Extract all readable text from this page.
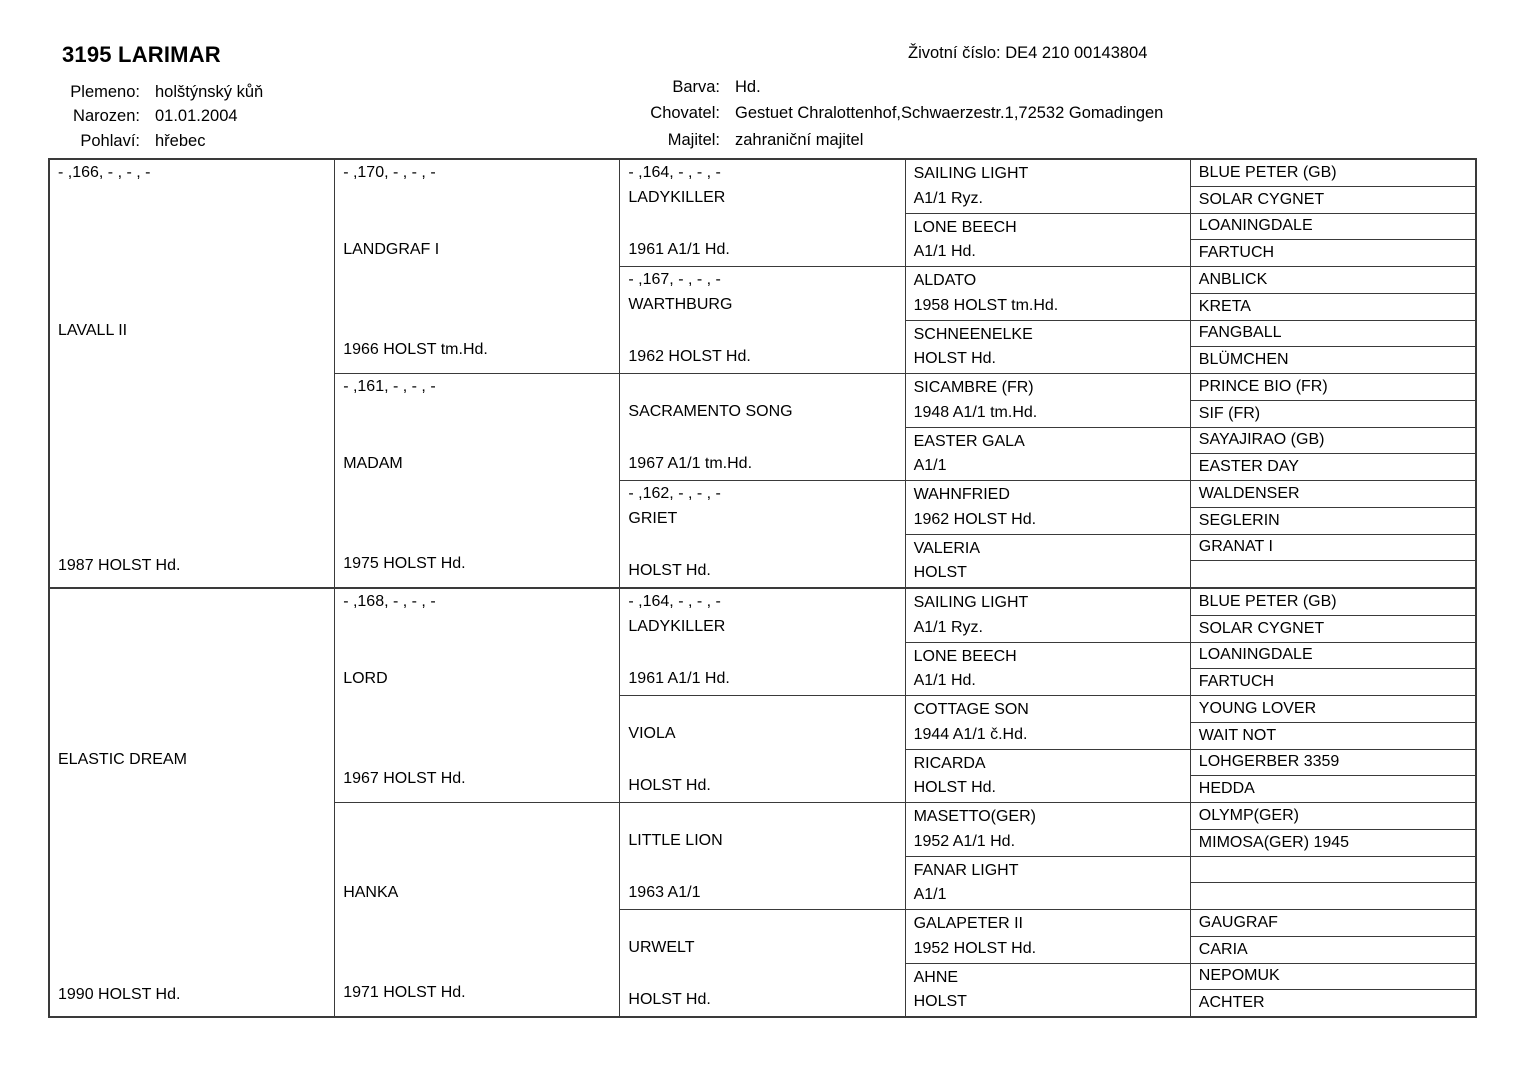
3195 LARIMAR
Plemeno: holštýnský kůň
Narozen: 01.01.2004
Pohlaví: hřebec
Životní číslo: DE4 210 00143804
Barva: Hd.
Chovatel: Gestuet Chralottenhof,Schwaerzestr.1,72532 Gomadingen
Majitel: zahraniční majitel
- ,166, - , - , -
LAVALL II
1987 HOLST Hd.
- ,170, - , - , -
LANDGRAF I
1966 HOLST tm.Hd.
- ,161, - , - , -
MADAM
1975 HOLST Hd.
- ,164, - , - , -
LADYKILLER
1961 A1/1 Hd.
- ,167, - , - , -
WARTHBURG
1962 HOLST Hd.
SACRAMENTO SONG
1967 A1/1 tm.Hd.
- ,162, - , - , -
GRIET
HOLST Hd.
SAILING LIGHT
A1/1 Ryz.
LONE BEECH
A1/1 Hd.
ALDATO
1958 HOLST tm.Hd.
SCHNEENELKE
HOLST Hd.
SICAMBRE (FR)
1948 A1/1 tm.Hd.
EASTER GALA
A1/1
WAHNFRIED
1962 HOLST Hd.
VALERIA
HOLST
BLUE PETER (GB)
SOLAR CYGNET
LOANINGDALE
FARTUCH
ANBLICK
KRETA
FANGBALL
BLÜMCHEN
PRINCE BIO (FR)
SIF (FR)
SAYAJIRAO (GB)
EASTER DAY
WALDENSER
SEGLERIN
GRANAT I
ELASTIC DREAM
1990 HOLST Hd.
- ,168, - , - , -
LORD
1967 HOLST Hd.
HANKA
1971 HOLST Hd.
- ,164, - , - , -
LADYKILLER
1961 A1/1 Hd.
VIOLA
HOLST Hd.
LITTLE LION
1963 A1/1
URWELT
HOLST Hd.
SAILING LIGHT
A1/1 Ryz.
LONE BEECH
A1/1 Hd.
COTTAGE SON
1944 A1/1 č.Hd.
RICARDA
HOLST Hd.
MASETTO(GER)
1952 A1/1 Hd.
FANAR LIGHT
A1/1
GALAPETER II
1952 HOLST Hd.
AHNE
HOLST
BLUE PETER (GB)
SOLAR CYGNET
LOANINGDALE
FARTUCH
YOUNG LOVER
WAIT NOT
LOHGERBER 3359
HEDDA
OLYMP(GER)
MIMOSA(GER) 1945
GAUGRAF
CARIA
NEPOMUK
ACHTER
